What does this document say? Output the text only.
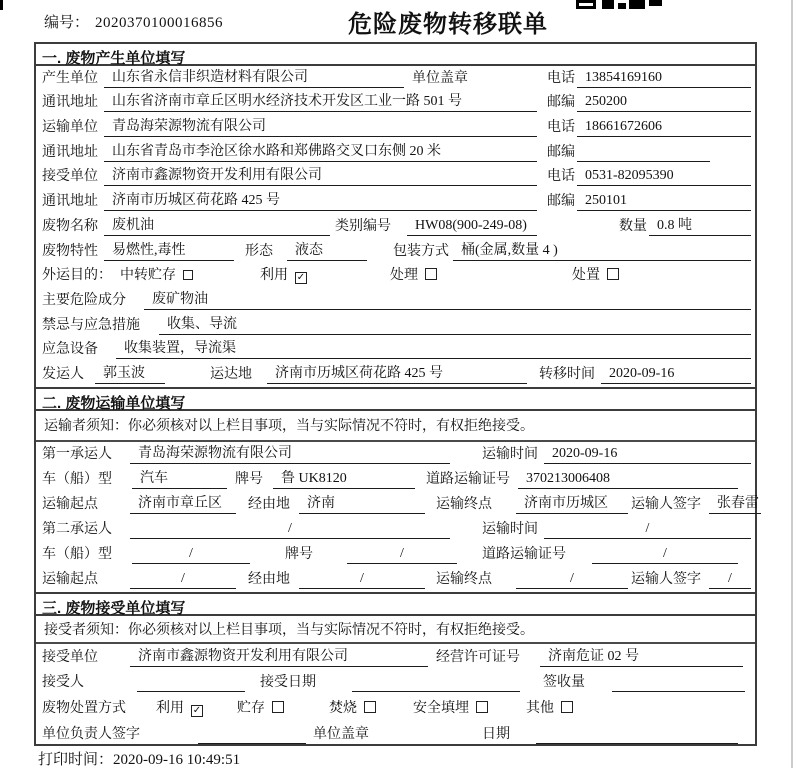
编号： 2020370100016856	危险废物转移联单
一. 废物产生单位填写
产生单位	山东省永信非织造材料有限公司	单位盖章	电话 13854169160
通讯地址	山东省济南市章丘区明水经济技术开发区工业一路 501 号	邮编 250200
运输单位	青岛海荣源物流有限公司	电话 18661672606
通讯地址	山东省青岛市李沧区徐水路和郑佛路交叉口东侧 20 米	邮编
接受单位	济南市鑫源物资开发利用有限公司	电话 0531-82095390
通讯地址	济南市历城区荷花路 425 号	邮编 250101
废物名称	废机油	类别编号	HW08(900-249-08)	数量 0.8 吨
废物特性	易燃性,毒性	形态	液态	包装方式 桶(金属,数量 4 )
外运目的： 中转贮存	利用 ✓	处理	处置
主要危险成分	废矿物油
禁忌与应急措施	收集、导流
应急设备	收集装置，导流渠
发运人	郭玉波	运达地	济南市历城区荷花路 425 号	转移时间	2020-09-16
二. 废物运输单位填写
运输者须知：你必须核对以上栏目事项，当与实际情况不符时，有权拒绝接受。
第一承运人	青岛海荣源物流有限公司	运输时间	2020-09-16
车（船）型	汽车	牌号	鲁 UK8120	道路运输证号	370213006408
运输起点	济南市章丘区	经由地	济南	运输终点	济南市历城区	运输人签字	张春雷
第二承运人	/	运输时间	/
车（船）型	/	牌号	/	道路运输证号	/
运输起点	/	经由地	/	运输终点	/	运输人签字	/
三. 废物接受单位填写
接受者须知：你必须核对以上栏目事项，当与实际情况不符时，有权拒绝接受。
接受单位	济南市鑫源物资开发利用有限公司	经营许可证号	济南危证 02 号
接受人	接受日期	签收量
废物处置方式	利用 ✓	贮存	焚烧	安全填埋	其他
单位负责人签字	单位盖章	日期
打印时间：2020-09-16 10:49:51
